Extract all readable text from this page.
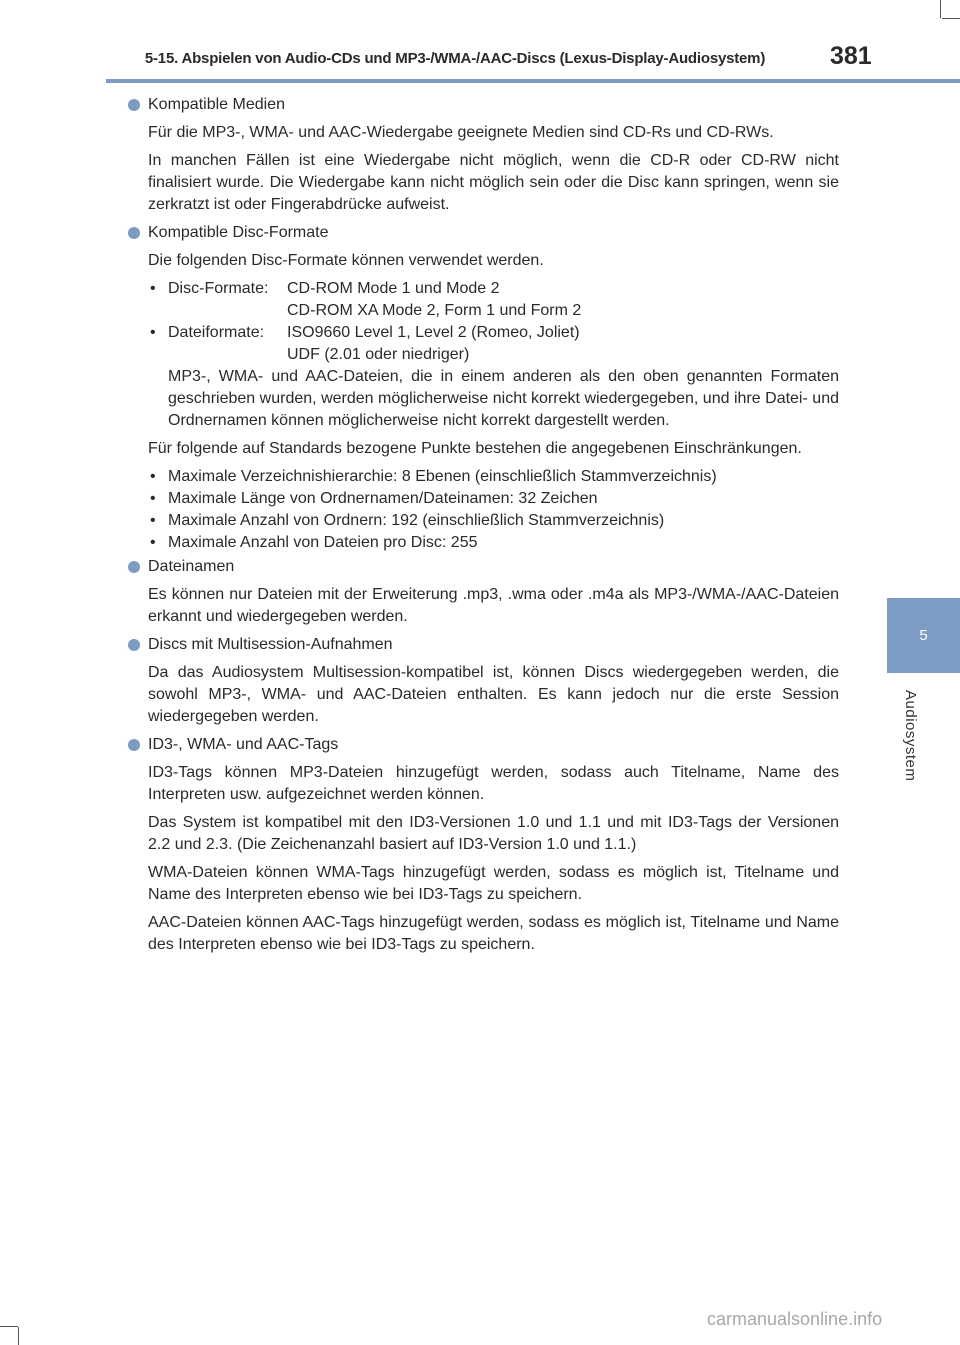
5-15. Abspielen von Audio-CDs und MP3-/WMA-/AAC-Discs (Lexus-Display-Audiosystem)	381
5
Audiosystem
Kompatible Medien

Für die MP3-, WMA- und AAC-Wiedergabe geeignete Medien sind CD-Rs und CD-RWs.

In manchen Fällen ist eine Wiedergabe nicht möglich, wenn die CD-R oder CD-RW nicht finalisiert wurde. Die Wiedergabe kann nicht möglich sein oder die Disc kann springen, wenn sie zerkratzt ist oder Fingerabdrücke aufweist.

Kompatible Disc-Formate

Die folgenden Disc-Formate können verwendet werden.

• Disc-Formate:	CD-ROM Mode 1 und Mode 2
CD-ROM XA Mode 2, Form 1 und Form 2
• Dateiformate:	ISO9660 Level 1, Level 2 (Romeo, Joliet)
UDF (2.01 oder niedriger)

MP3-, WMA- und AAC-Dateien, die in einem anderen als den oben genannten Formaten geschrieben wurden, werden möglicherweise nicht korrekt wiedergegeben, und ihre Datei- und Ordnernamen können möglicherweise nicht korrekt dargestellt werden.

Für folgende auf Standards bezogene Punkte bestehen die angegebenen Einschränkungen.

• Maximale Verzeichnishierarchie: 8 Ebenen (einschließlich Stammverzeichnis)
• Maximale Länge von Ordnernamen/Dateinamen: 32 Zeichen
• Maximale Anzahl von Ordnern: 192 (einschließlich Stammverzeichnis)
• Maximale Anzahl von Dateien pro Disc: 255
Dateinamen

Es können nur Dateien mit der Erweiterung .mp3, .wma oder .m4a als MP3-/WMA-/AAC-Dateien erkannt und wiedergegeben werden.

Discs mit Multisession-Aufnahmen

Da das Audiosystem Multisession-kompatibel ist, können Discs wiedergegeben werden, die sowohl MP3-, WMA- und AAC-Dateien enthalten. Es kann jedoch nur die erste Session wiedergegeben werden.

ID3-, WMA- und AAC-Tags

ID3-Tags können MP3-Dateien hinzugefügt werden, sodass auch Titelname, Name des Interpreten usw. aufgezeichnet werden können.

Das System ist kompatibel mit den ID3-Versionen 1.0 und 1.1 und mit ID3-Tags der Versionen 2.2 und 2.3. (Die Zeichenanzahl basiert auf ID3-Version 1.0 und 1.1.)

WMA-Dateien können WMA-Tags hinzugefügt werden, sodass es möglich ist, Titelname und Name des Interpreten ebenso wie bei ID3-Tags zu speichern.

AAC-Dateien können AAC-Tags hinzugefügt werden, sodass es möglich ist, Titelname und Name des Interpreten ebenso wie bei ID3-Tags zu speichern.

carmanualsonline.info
